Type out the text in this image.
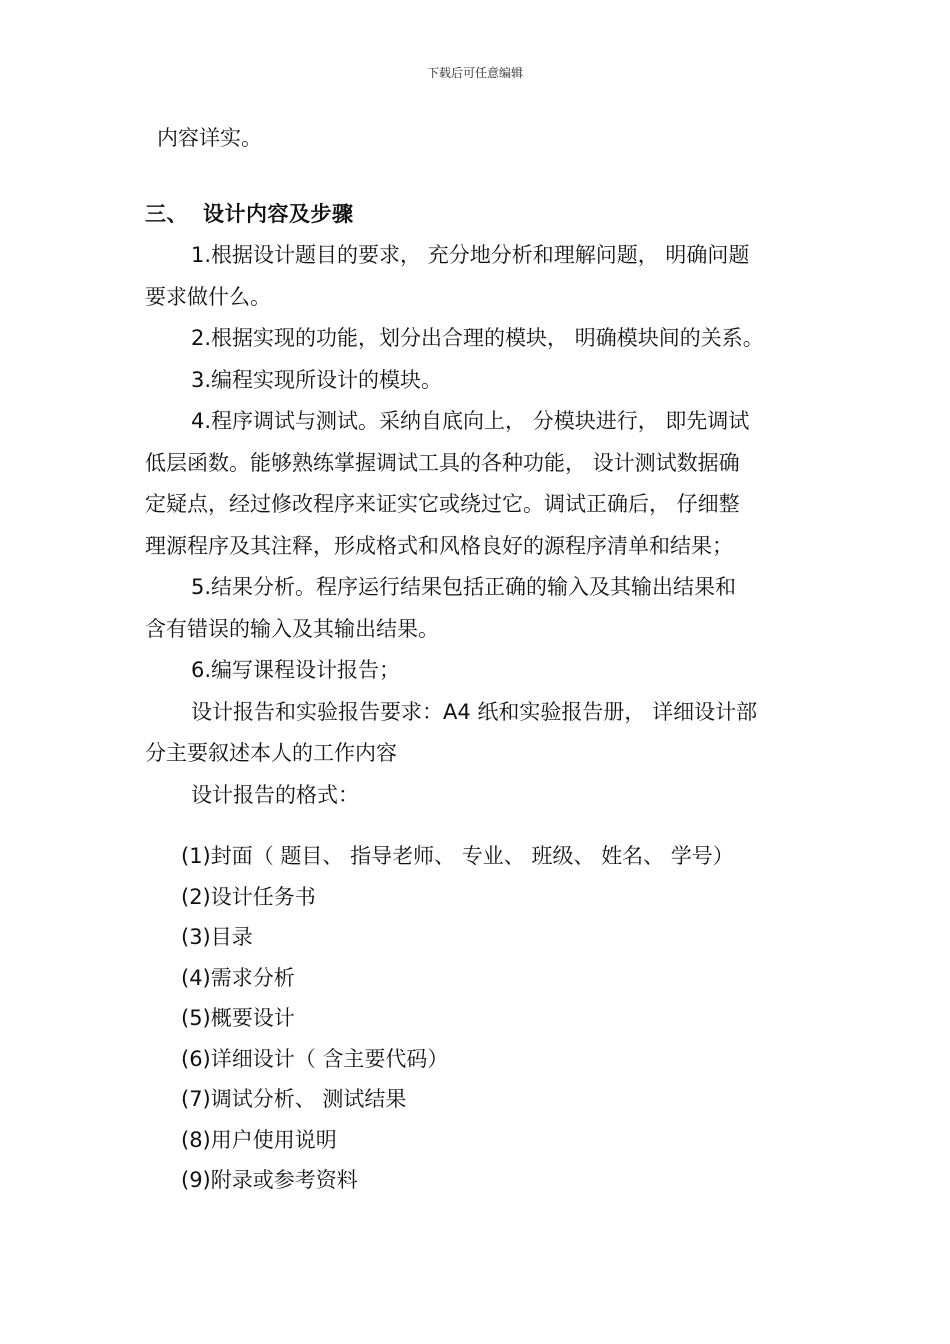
下载后可任意编辑
内容详实。
三、 设计内容及步骤
1.根据设计题目的要求， 充分地分析和理解问题， 明确问题
要求做什么。
2.根据实现的功能，划分出合理的模块， 明确模块间的关系。
3.编程实现所设计的模块。
4.程序调试与测试。采纳自底向上， 分模块进行， 即先调试
低层函数。能够熟练掌握调试工具的各种功能， 设计测试数据确
定疑点，经过修改程序来证实它或绕过它。调试正确后， 仔细整
理源程序及其注释，形成格式和风格良好的源程序清单和结果；
5.结果分析。程序运行结果包括正确的输入及其输出结果和
含有错误的输入及其输出结果。
6.编写课程设计报告；
设计报告和实验报告要求：A4 纸和实验报告册， 详细设计部
分主要叙述本人的工作内容
设计报告的格式：
(1)封面（ 题目、 指导老师、 专业、 班级、 姓名、 学号）
(2)设计任务书
(3)目录
(4)需求分析
(5)概要设计
(6)详细设计（ 含主要代码）
(7)调试分析、 测试结果
(8)用户使用说明
(9)附录或参考资料
